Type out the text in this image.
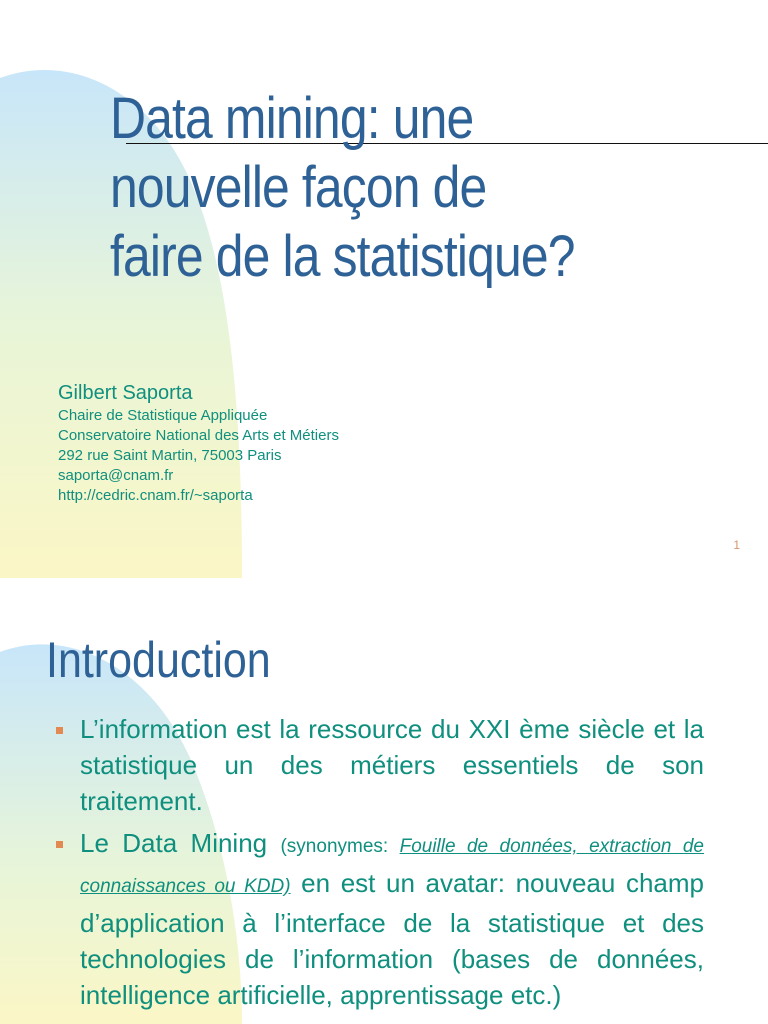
Data mining: une
nouvelle façon de
faire de la statistique?
Gilbert Saporta
Chaire de Statistique Appliquée
Conservatoire National des Arts et Métiers
292 rue Saint Martin, 75003 Paris
saporta@cnam.fr
http://cedric.cnam.fr/~saporta
1
Introduction
L’information est la ressource du XXI ème siècle et la statistique un des métiers essentiels de son traitement.
Le Data Mining (synonymes: Fouille de données, extraction de connaissances ou KDD) en est un avatar: nouveau champ d’application à l’interface de la statistique et des technologies de l’information (bases de données, intelligence artificielle, apprentissage etc.)
